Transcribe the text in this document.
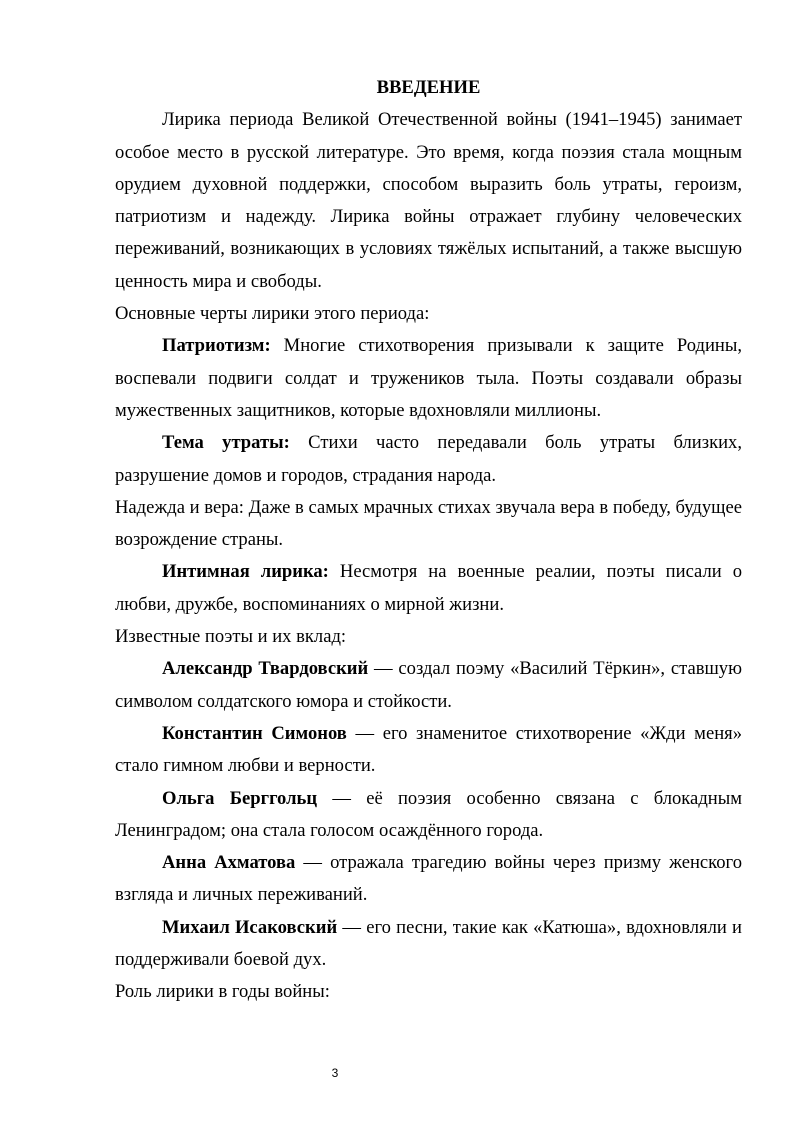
ВВЕДЕНИЕ

Лирика периода Великой Отечественной войны (1941–1945) занимает особое место в русской литературе. Это время, когда поэзия стала мощным орудием духовной поддержки, способом выразить боль утраты, героизм, патриотизм и надежду. Лирика войны отражает глубину человеческих переживаний, возникающих в условиях тяжёлых испытаний, а также высшую ценность мира и свободы.

Основные черты лирики этого периода:

Патриотизм: Многие стихотворения призывали к защите Родины, воспевали подвиги солдат и тружеников тыла. Поэты создавали образы мужественных защитников, которые вдохновляли миллионы.

Тема утраты: Стихи часто передавали боль утраты близких, разрушение домов и городов, страдания народа.

Надежда и вера: Даже в самых мрачных стихах звучала вера в победу, будущее возрождение страны.

Интимная лирика: Несмотря на военные реалии, поэты писали о любви, дружбе, воспоминаниях о мирной жизни.

Известные поэты и их вклад:

Александр Твардовский — создал поэму «Василий Тёркин», ставшую символом солдатского юмора и стойкости.

Константин Симонов — его знаменитое стихотворение «Жди меня» стало гимном любви и верности.

Ольга Берггольц — её поэзия особенно связана с блокадным Ленинградом; она стала голосом осаждённого города.

Анна Ахматова — отражала трагедию войны через призму женского взгляда и личных переживаний.

Михаил Исаковский — его песни, такие как «Катюша», вдохновляли и поддерживали боевой дух.

Роль лирики в годы войны:

3
